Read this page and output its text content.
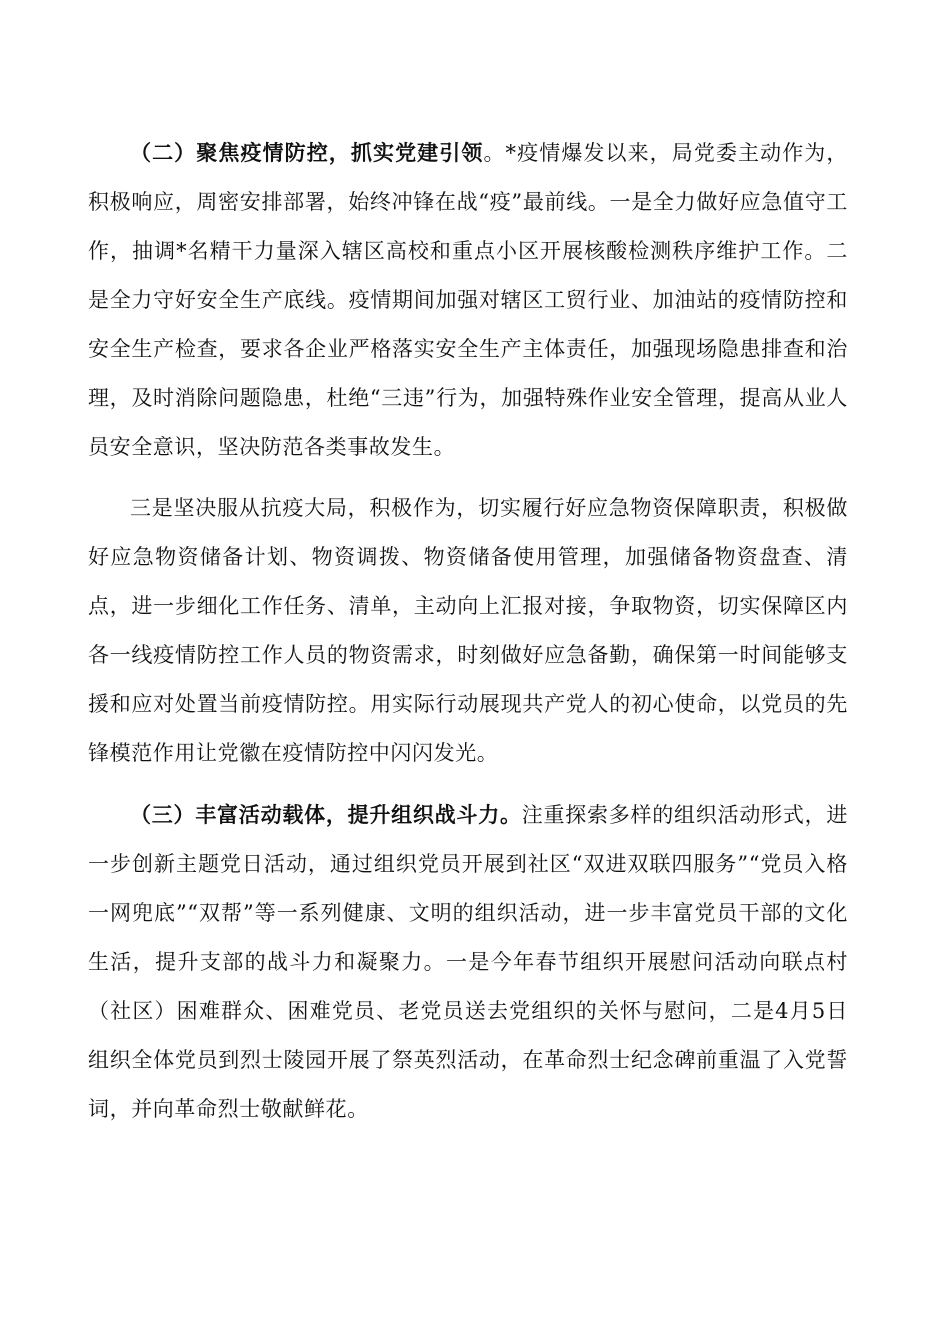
（二）聚焦疫情防控，抓实党建引领。*疫情爆发以来，局党委主动作为，积极响应，周密安排部署，始终冲锋在战“疫”最前线。一是全力做好应急值守工作，抽调*名精干力量深入辖区高校和重点小区开展核酸检测秩序维护工作。二是全力守好安全生产底线。疫情期间加强对辖区工贸行业、加油站的疫情防控和安全生产检查，要求各企业严格落实安全生产主体责任，加强现场隐患排查和治理，及时消除问题隐患，杜绝“三违”行为，加强特殊作业安全管理，提高从业人员安全意识，坚决防范各类事故发生。

三是坚决服从抗疫大局，积极作为，切实履行好应急物资保障职责，积极做好应急物资储备计划、物资调拨、物资储备使用管理，加强储备物资盘查、清点，进一步细化工作任务、清单，主动向上汇报对接，争取物资，切实保障区内各一线疫情防控工作人员的物资需求，时刻做好应急备勤，确保第一时间能够支援和应对处置当前疫情防控。用实际行动展现共产党人的初心使命，以党员的先锋模范作用让党徽在疫情防控中闪闪发光。

（三）丰富活动载体，提升组织战斗力。注重探索多样的组织活动形式，进一步创新主题党日活动，通过组织党员开展到社区“双进双联四服务”“党员入格一网兜底”“双帮”等一系列健康、文明的组织活动，进一步丰富党员干部的文化生活，提升支部的战斗力和凝聚力。一是今年春节组织开展慰问活动向联点村（社区）困难群众、困难党员、老党员送去党组织的关怀与慰问，二是4月5日组织全体党员到烈士陵园开展了祭英烈活动，在革命烈士纪念碑前重温了入党誓词，并向革命烈士敬献鲜花。
